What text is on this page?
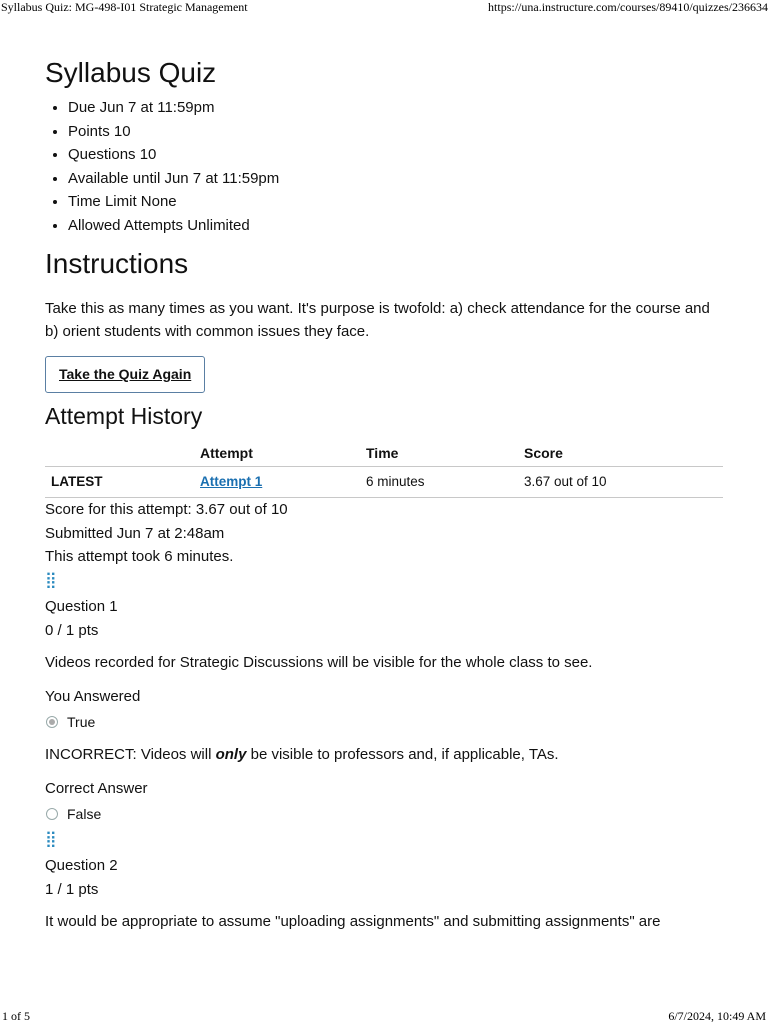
Syllabus Quiz: MG-498-I01 Strategic Management	https://una.instructure.com/courses/89410/quizzes/236634
Syllabus Quiz
• Due Jun 7 at 11:59pm
• Points 10
• Questions 10
• Available until Jun 7 at 11:59pm
• Time Limit None
• Allowed Attempts Unlimited
Instructions

Take this as many times as you want. It's purpose is twofold: a) check attendance for the course and b) orient students with common issues they face.

Take the Quiz Again
Attempt History
	Attempt	Time	Score
LATEST	Attempt 1	6 minutes	3.67 out of 10
Score for this attempt: 3.67 out of 10
Submitted Jun 7 at 2:48am
This attempt took 6 minutes.
⣿
Question 1
0 / 1 pts
Videos recorded for Strategic Discussions will be visible for the whole class to see.
You Answered
True
INCORRECT: Videos will only be visible to professors and, if applicable, TAs.
Correct Answer
False
⣿
Question 2
1 / 1 pts
It would be appropriate to assume "uploading assignments" and submitting assignments" are
1 of 5	6/7/2024, 10:49 AM
